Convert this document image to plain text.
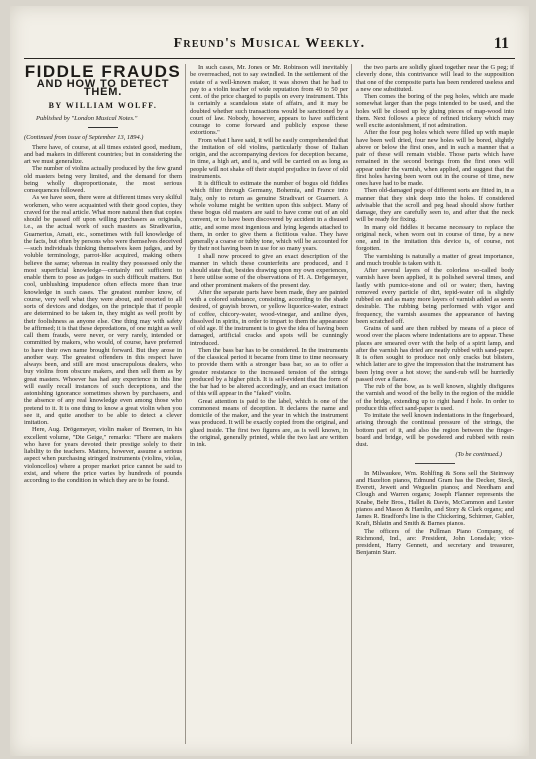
Freund's Musical Weekly.	11
FIDDLE FRAUDS
AND HOW TO DETECT THEM.
BY WILLIAM WOLFF.
Published by "London Musical Notes."

(Continued from issue of September 13, 1894.)

There have, of course, at all times existed good, medium, and bad makers in different countries; but in considering the art we must generalize.

The number of violins actually produced by the few grand old masters being very limited, and the demand for them being wholly disproportionate, the most serious consequences followed.

As we have seen, there were at different times very skilful workmen, who were acquainted with their good copies, they craved for the real article. What more natural then that copies should be passed off upon willing purchasers as originals, i.e., as the actual work of such masters as Stradivarius, Guarnerius, Amati, etc., sometimes with full knowledge of the facts, but often by persons who were themselves deceived—such individuals thinking themselves keen judges, and by voluble terminology, parrot-like acquired, making others believe the same; whereas in reality they possessed only the most superficial knowledge—certainly not sufficient to enable them to pose as judges in such difficult matters. But cool, unblushing impudence often effects more than true knowledge in such cases. The greatest number know, of course, very well what they were about, and resorted to all sorts of devices and dodges, on the principle that if people are determined to be taken in, they might as well profit by their foolishness as anyone else. One thing may with safety be affirmed; it is that these depredations, of one might as well call them frauds, were never, or very rarely, intended or committed by makers, who would, of course, have preferred to have their own name brought forward. But they arose in another way. The greatest offenders in this respect have always been, and still are most unscrupulous dealers, who buy violins from obscure makers, and then sell them as by great masters. Whoever has had any experience in this line will easily recall instances of such deceptions, and the astonishing ignorance sometimes shown by purchasers, and the absence of any real knowledge even among those who pretend to it. It is one thing to know a great violin when you see it, and quite another to be able to detect a clever imitation.

Here, Aug. Drögemeyer, violin maker of Bremen, in his excellent volume, "Die Geige," remarks: "There are makers who have for years devoted their prestige solely to their liability to the teachers. Matters, however, assume a serious aspect when purchasing stringed instruments (violins, violas, violoncellos) where a proper market price cannot be said to exist, and where the price varies by hundreds of pounds according to the condition in which they are to be found.

In such cases, Mr. Jones or Mr. Robinson will inevitably be overreached, not to say swindled. In the settlement of the estate of a well-known maker, it was shown that he had to pay to a violin teacher of wide reputation from 40 to 50 per cent. of the price charged to pupils on every instrument. This is certainly a scandalous state of affairs, and it may be doubted whether such transactions would be sanctioned by a court of law. Nobody, however, appears to have sufficient courage to come forward and publicly expose these extortions."

From what I have said, it will be easily comprehended that the imitation of old violins, particularly those of Italian origin, and the accompanying devices for deception became, in time, a high art, and is, and will be carried on as long as people will not shake off their stupid prejudice in favor of old instruments.

It is difficult to estimate the number of bogus old fiddles which filter through Germany, Bohemia, and France into Italy, only to return as genuine Stradivari or Guarneri. A whole volume might be written upon this subject. Many of these bogus old masters are said to have come out of an old convent, or to have been discovered by accident in a disused attic, and some most ingenious and lying legends attached to them, in order to give them a fictitious value. They have generally a coarse or tubby tone, which will be accounted for by their not having been in use for so many years.

I shall now proceed to give an exact description of the manner in which these counterfeits are produced, and I should state that, besides drawing upon my own experiences, I here utilise some of the observations of H. A. Drögemeyer, and other prominent makers of the present day.

After the separate parts have been made, they are painted with a colored substance, consisting, according to the shade desired, of grayish brown, or yellow liquorice-water, extract of coffee, chicory-water, wood-vinegar, and aniline dyes, dissolved in spirits, in order to impart to them the appearance of old age. If the instrument is to give the idea of having been damaged, artificial cracks and spots will be cunningly introduced.

Then the bass bar has to be considered. In the instruments of the classical period it became from time to time necessary to provide them with a stronger bass bar, so as to offer a greater resistance to the increased tension of the strings produced by a higher pitch. It is self-evident that the form of the bar had to be altered accordingly, and an exact imitation of this will appear in the "faked" violin.

Great attention is paid to the label, which is one of the commonest means of deception. It declares the name and domicile of the maker, and the year in which the instrument was produced. It will be exactly copied from the original, and glued inside. The first two figures are, as is well known, in the original, generally printed, while the two last are written in ink.

the two parts are solidly glued together near the G peg; if cleverly done, this contrivance will lead to the supposition that one of the composite parts has been rendered useless and a new one substituted.

Then comes the boring of the peg holes, which are made somewhat larger than the pegs intended to be used, and the holes will be closed up by gluing pieces of map-wood into them. Next follows a piece of refined trickery which may well excite astonishment, if not admiration.

After the four peg holes which were filled up with maple have been well dried, four new holes will be bored, slightly above or below the first ones, and in such a manner that a pair of these will remain visible. Those parts which have remained in the second borings from the first ones will appear under the varnish, when applied, and suggest that the first holes having been worn out in the course of time, new ones have had to be made.

Then old-damaged pegs of different sorts are fitted in, in a manner that they sink deep into the holes. If considered advisable that the scroll and peg head should show further damage, they are carefully seen to, and after that the neck will be ready for fixing.

In many old fiddles it became necessary to replace the original neck, when worn out in course of time, by a new one, and in the imitation this device is, of course, not forgotten.

The varnishing is naturally a matter of great importance, and much trouble is taken with it.

After several layers of the colorless so-called body varnish have been applied, it is polished several times, and lastly with pumice-stone and oil or water; then, having removed every particle of dirt, tepid-water oil is slightly rubbed on and as many more layers of varnish added as seem desirable. The rubbing being performed with vigor and frequency, the varnish assumes the appearance of having been scratched off.

Grains of sand are then rubbed by means of a piece of wood over the places where indentations are to appear. These places are smeared over with the help of a spirit lamp, and after the varnish has dried are neatly rubbed with sand-paper. It is often sought to produce not only cracks but blisters, which latter are to give the impression that the instrument has been lying over a hot stove; the sand-rub will be hurriedly passed over a flame.

The rub of the bow, as is well known, slightly disfigures the varnish and wood of the belly in the region of the middle of the bridge, extending up to right hand f hole. In order to produce this effect sand-paper is used.

To imitate the well known indentations in the fingerboard, arising through the continual pressure of the strings, the bottom part of it, and also the region between the finger-board and bridge, will be powdered and rubbed with resin dust.

(To be continued.)

In Milwaukee, Wm. Rohlfing & Sons sell the Steinway and Hazelton pianos, Edmund Gram has the Decker, Steck, Everett, Jewett and Weguelin pianos; and Needham and Clough and Warren organs; Joseph Flanner represents the Knabe, Behr Bros., Hallet & Davis, McCammon and Lester pianos and Mason & Hamlin, and Story & Clark organs; and James R. Bradford's line is the Chickering, Schirmer, Gabler, Kraft, Bhlatin and Smith & Barnes pianos.

The officers of the Pullman Piano Company, of Richmond, Ind., are: President, John Lonsdale; vice-president, Harry Gennett, and secretary and treasurer, Benjamin Starr.
